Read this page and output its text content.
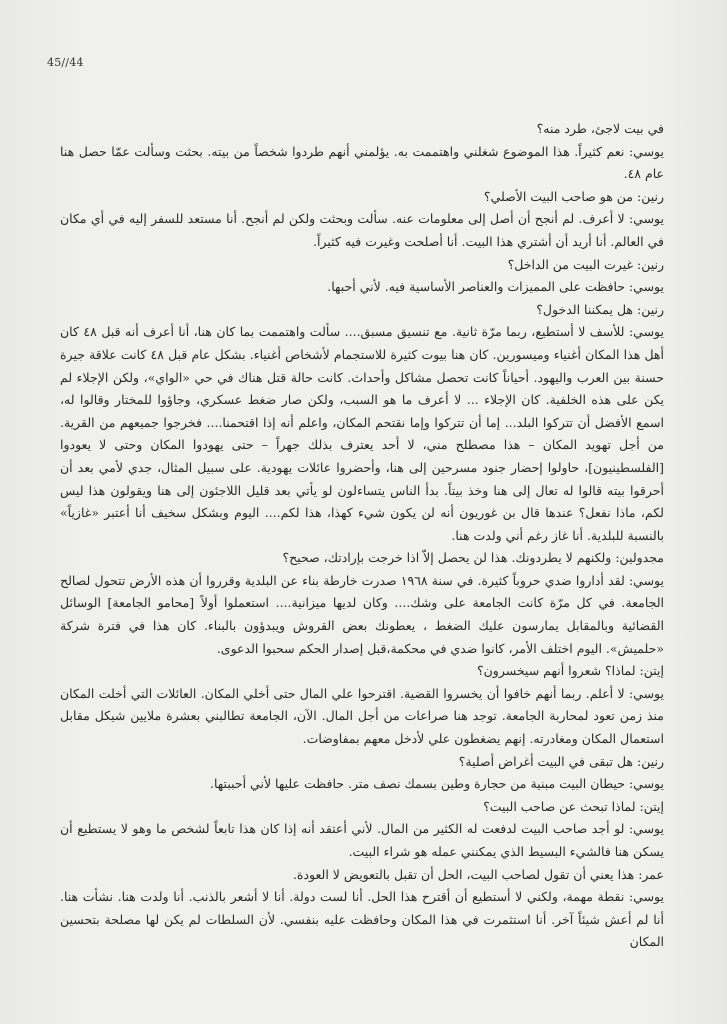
45//44

في بيت لاجئ، طرد منه؟

يوسي: نعم كثيراً. هذا الموضوع شغلني واهتممت به. يؤلمني أنهم طردوا شخصاً من بيته. بحثت وسألت عمّا حصل هنا عام ٤٨.

رنين: من هو صاحب البيت الأصلي؟

يوسي: لا أعرف. لم أنجح أن أصل إلى معلومات عنه. سألت وبحثت ولكن لم أنجح. أنا مستعد للسفر إليه في أي مكان في العالم. أنا أريد أن أشتري هذا البيت. أنا أصلحت وغيرت فيه كثيراً.

رنين: غيرت البيت من الداخل؟

يوسي: حافظت على المميزات والعناصر الأساسية فيه. لأني أحبها.

رنين: هل يمكننا الدخول؟

يوسي: للأسف لا أستطيع، ربما مرّة ثانية. مع تنسيق مسبق.... سألت واهتممت بما كان هنا، أنا أعرف أنه قبل ٤٨ كان أهل هذا المكان أغنياء وميسورين. كان هنا بيوت كثيرة للاستجمام لأشخاص أغنياء. بشكل عام قبل ٤٨ كانت علاقة جيرة حسنة بين العرب واليهود. أحياناً كانت تحصل مشاكل وأحداث. كانت حالة قتل هناك في حي «الواي»، ولكن الإجلاء لم يكن على هذه الخلفية. كان الإجلاء ... لا أعرف ما هو السبب، ولكن صار ضغط عسكري، وجاؤوا للمختار وقالوا له، اسمع الأفضل أن تتركوا البلد... إما أن تتركوا وإما نقتحم المكان، واعلم أنه إذا اقتحمنا.... فخرجوا جميعهم من القرية. من أجل تهويد المكان – هذا مصطلح مني، لا أحد يعترف بذلك جهراً – حتى يهودوا المكان وحتى لا يعودوا [الفلسطينيون]، حاولوا إحضار جنود مسرحين إلى هنا، وأحضروا عائلات يهودية. على سبيل المثال، جدي لأمي بعد أن أحرقوا بيته قالوا له تعال إلى هنا وخذ بيتاً. بدأ الناس يتساءلون لو يأتي بعد قليل اللاجئون إلى هنا ويقولون هذا ليس لكم، ماذا نفعل؟ عندها قال بن غوريون أنه لن يكون شيء كهذا، هذا لكم.... اليوم وبشكل سخيف أنا أعتبر «غازياً» بالنسبة للبلدية. أنا غاز رغم أني ولدت هنا.

مجدولين: ولكنهم لا يطردونك. هذا لن يحصل إلاّ اذا خرجت بإرادتك، صحيح؟

يوسي: لقد أداروا ضدي حروباً كثيرة. في سنة ١٩٦٨ صدرت خارطة بناء عن البلدية وقرروا أن هذه الأرض تتحول لصالح الجامعة. في كل مرّة كانت الجامعة على وشك.... وكان لديها ميزانية.... استعملوا أولاً [محامو الجامعة] الوسائل القضائية وبالمقابل يمارسون عليك الضغط ، يعطونك بعض القروش ويبدؤون بالبناء. كان هذا في فترة شركة «حلميش». اليوم اختلف الأمر، كانوا ضدي في محكمة،قبل إصدار الحكم سحبوا الدعوى.

إيتن: لماذا؟ شعروا أنهم سيخسرون؟

يوسي: لا أعلم. ربما أنهم خافوا أن يخسروا القضية. اقترحوا علي المال حتى أخلي المكان. العائلات التي أخلت المكان منذ زمن تعود لمحاربة الجامعة. توجد هنا صراعات من أجل المال. الآن، الجامعة تطالبني بعشرة ملايين شيكل مقابل استعمال المكان ومغادرته. إنهم يضغطون علي لأدخل معهم بمفاوضات.

رنين: هل تبقى في البيت أغراض أصلية؟

يوسي: حيطان البيت مبنية من حجارة وطين بسمك نصف متر. حافظت عليها لأني أحببتها.

إيتن: لماذا تبحث عن صاحب البيت؟

يوسي: لو أجد صاحب البيت لدفعت له الكثير من المال. لأني أعتقد أنه إذا كان هذا تابعاً لشخص ما وهو لا يستطيع أن يسكن هنا فالشيء البسيط الذي يمكنني عمله هو شراء البيت.

عمر: هذا يعني أن تقول لصاحب البيت، الحل أن تقبل بالتعويض لا العودة.

يوسي: نقطة مهمة، ولكني لا أستطيع أن أقترح هذا الحل. أنا لست دولة. أنا لا أشعر بالذنب. أنا ولدت هنا. نشأت هنا. أنا لم أعش شيئاً آخر. أنا استثمرت في هذا المكان وحافظت عليه بنفسي. لأن السلطات لم يكن لها مصلحة بتحسين المكان
